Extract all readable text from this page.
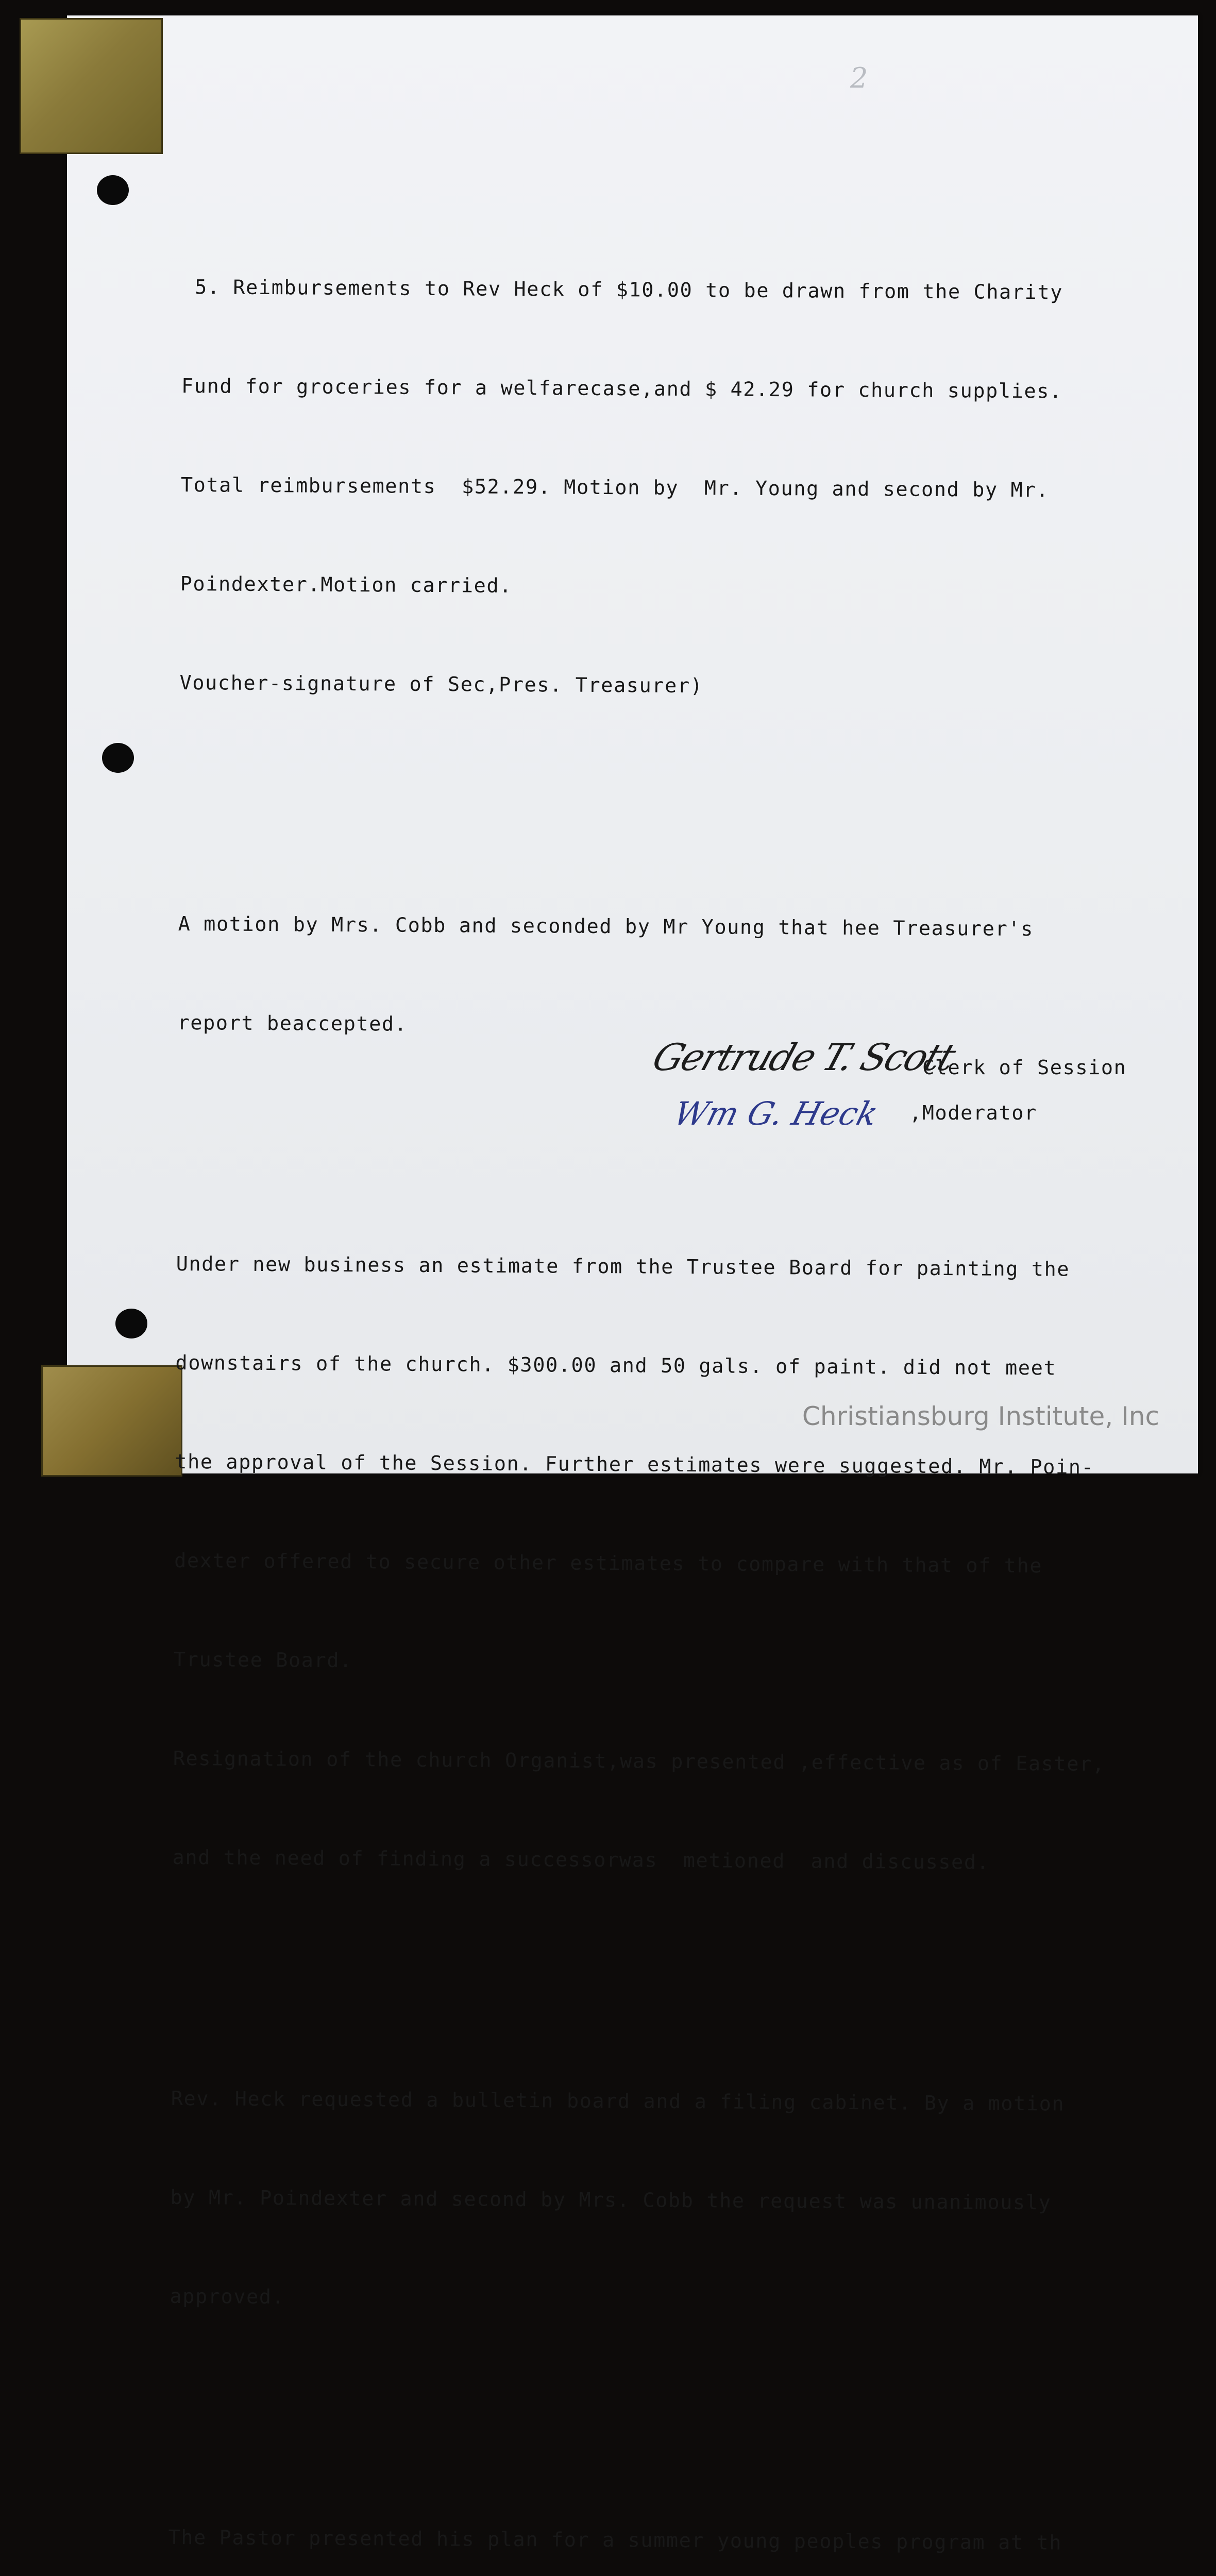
2

5. Reimbursements to Rev Heck of $10.00 to be drawn from the Charity

Fund for groceries for a welfarecase,and $ 42.29 for church supplies.

Total reimbursements  $52.29. Motion by  Mr. Young and second by Mr.

Poindexter.Motion carried.

Voucher-signature of Sec,Pres. Treasurer)

A motion by Mrs. Cobb and seconded by Mr Young that hee Treasurer's

report beaccepted.

Under new business an estimate from the Trustee Board for painting the

downstairs of the church. $300.00 and 50 gals. of paint. did not meet

the approval of the Session. Further estimates were suggested. Mr. Poin-

dexter offered to secure other estimates to compare with that of the

Trustee Board.

Resignation of the church Organist,was presented ,effective as of Easter,

and the need of finding a successorwas  metioned  and discussed.

Rev. Heck requested a bulletin board and a filing cabinet. By a motion

by Mr. Poindexter and second by Mrs. Cobb the request was unanimously

approved.

The Pastor presented his plan for a summer young peoples program at th

Gertrude T. Scott
Clerk of Session
Wm G. Heck ,Moderator
Christiansburg Institute, Inc
